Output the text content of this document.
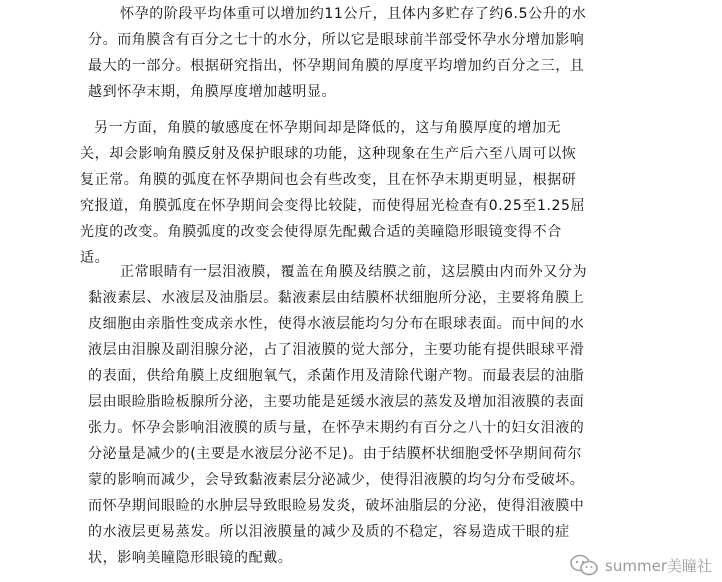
怀孕的阶段平均体重可以增加约11公斤，且体内多贮存了约6.5公升的水
分。而角膜含有百分之七十的水分，所以它是眼球前半部受怀孕水分增加影响
最大的一部分。根据研究指出，怀孕期间角膜的厚度平均增加约百分之三，且
越到怀孕末期，角膜厚度增加越明显。
另一方面，角膜的敏感度在怀孕期间却是降低的，这与角膜厚度的增加无
关，却会影响角膜反射及保护眼球的功能，这种现象在生产后六至八周可以恢
复正常。角膜的弧度在怀孕期间也会有些改变，且在怀孕末期更明显，根据研
究报道，角膜弧度在怀孕期间会变得比较陡，而使得屈光检查有0.25至1.25屈
光度的改变。角膜弧度的改变会使得原先配戴合适的美瞳隐形眼镜变得不合
适。
正常眼睛有一层泪液膜，覆盖在角膜及结膜之前，这层膜由内而外又分为
黏液素层、水液层及油脂层。黏液素层由结膜杯状细胞所分泌，主要将角膜上
皮细胞由亲脂性变成亲水性，使得水液层能均匀分布在眼球表面。而中间的水
液层由泪腺及副泪腺分泌，占了泪液膜的觉大部分，主要功能有提供眼球平滑
的表面，供给角膜上皮细胞氧气，杀菌作用及清除代谢产物。而最表层的油脂
层由眼睑脂睑板腺所分泌，主要功能是延缓水液层的蒸发及增加泪液膜的表面
张力。怀孕会影响泪液膜的质与量，在怀孕末期约有百分之八十的妇女泪液的
分泌量是减少的(主要是水液层分泌不足)。由于结膜杯状细胞受怀孕期间荷尔
蒙的影响而减少，会导致黏液素层分泌减少，使得泪液膜的均匀分布受破坏。
而怀孕期间眼睑的水肿层导致眼睑易发炎，破坏油脂层的分泌，使得泪液膜中
的水液层更易蒸发。所以泪液膜量的减少及质的不稳定，容易造成干眼的症
状，影响美瞳隐形眼镜的配戴。	summer美瞳社
